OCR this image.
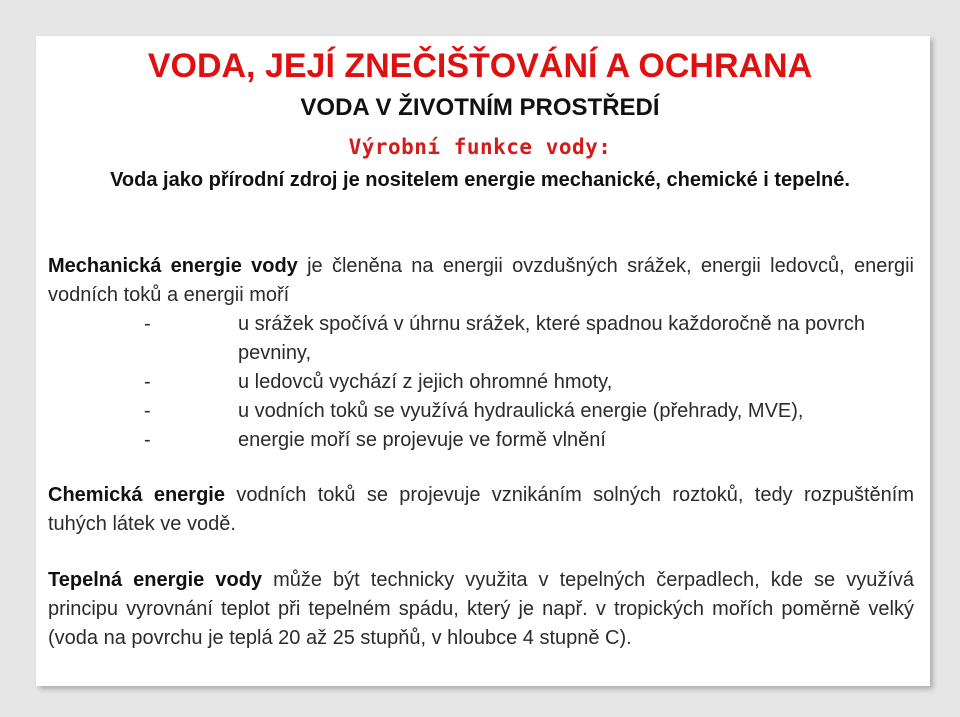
VODA, JEJÍ ZNEČIŠŤOVÁNÍ A OCHRANA
VODA V ŽIVOTNÍM PROSTŘEDÍ
Výrobní funkce vody:
Voda jako přírodní zdroj je nositelem energie mechanické, chemické i tepelné.
Mechanická energie vody je členěna na energii ovzdušných srážek, energii ledovců, energii vodních toků a energii moří
-	u srážek spočívá v úhrnu srážek, které spadnou každoročně na povrch pevniny,
-	u ledovců vychází z jejich ohromné hmoty,
-	u vodních toků se využívá hydraulická energie (přehrady, MVE),
-	energie moří se projevuje ve formě vlnění
Chemická energie vodních toků se projevuje vznikáním solných roztoků, tedy rozpuštěním tuhých látek ve vodě.
Tepelná energie vody může být technicky využita v tepelných čerpadlech, kde se využívá principu vyrovnání teplot při tepelném spádu, který je např. v tropických mořích poměrně velký (voda na povrchu je teplá 20 až 25 stupňů, v hloubce 4 stupně C).
